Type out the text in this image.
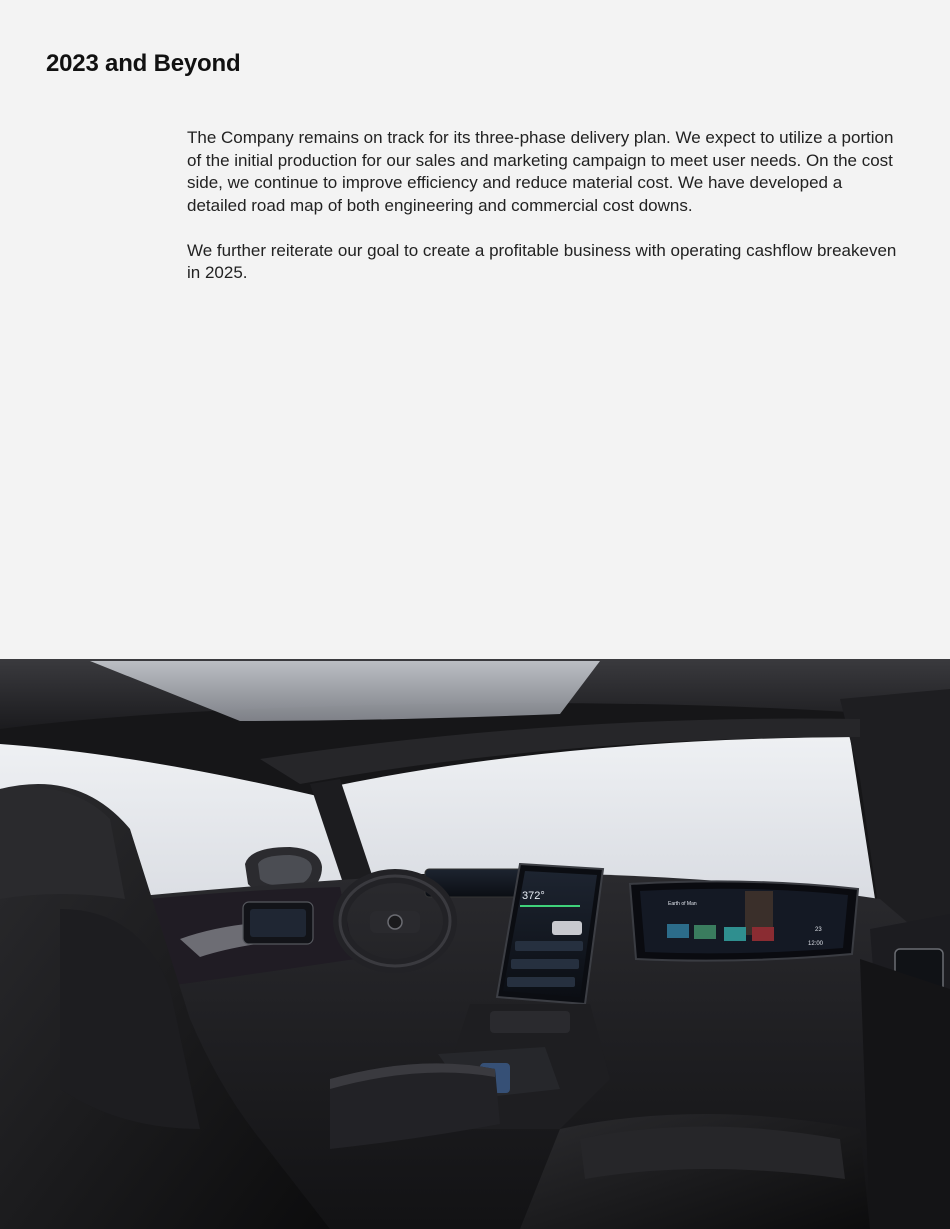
2023 and Beyond

The Company remains on track for its three-phase delivery plan. We expect to utilize a portion of the initial production for our sales and marketing campaign to meet user needs. On the cost side, we continue to improve efficiency and reduce material cost. We have developed a detailed road map of both engineering and commercial cost downs.

We further reiterate our goal to create a profitable business with operating cashflow breakeven in 2025.

372°
Earth of Man
12:00
23
